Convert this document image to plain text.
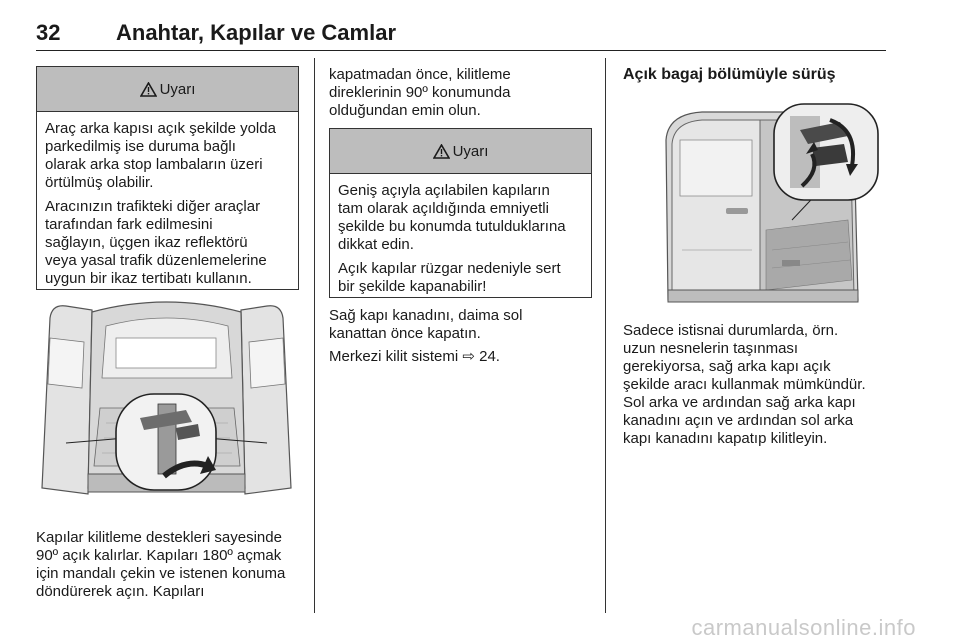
32	Anahtar, Kapılar ve Camlar
Uyarı

Araç arka kapısı açık şekilde yolda
parkedilmiş ise duruma bağlı
olarak arka stop lambaların üzeri
örtülmüş olabilir.

Aracınızın trafikteki diğer araçlar
tarafından fark edilmesini
sağlayın, üçgen ikaz reflektörü
veya yasal trafik düzenlemelerine
uygun bir ikaz tertibatı kullanın.

Kapılar kilitleme destekleri sayesinde
90º açık kalırlar. Kapıları 180º açmak
için mandalı çekin ve istenen konuma
döndürerek açın. Kapıları
kapatmadan önce, kilitleme
direklerinin 90º konumunda
olduğundan emin olun.
Uyarı

Geniş açıyla açılabilen kapıların
tam olarak açıldığında emniyetli
şekilde bu konumda tutulduklarına
dikkat edin.

Açık kapılar rüzgar nedeniyle sert
bir şekilde kapanabilir!

Sağ kapı kanadını, daima sol
kanattan önce kapatın.
Merkezi kilit sistemi ⇨ 24.
Açık bagaj bölümüyle sürüş
Sadece istisnai durumlarda, örn.
uzun nesnelerin taşınması
gerekiyorsa, sağ arka kapı açık
şekilde aracı kullanmak mümkündür.
Sol arka ve ardından sağ arka kapı
kanadını açın ve ardından sol arka
kapı kanadını kapatıp kilitleyin.
carmanualsonline.info
